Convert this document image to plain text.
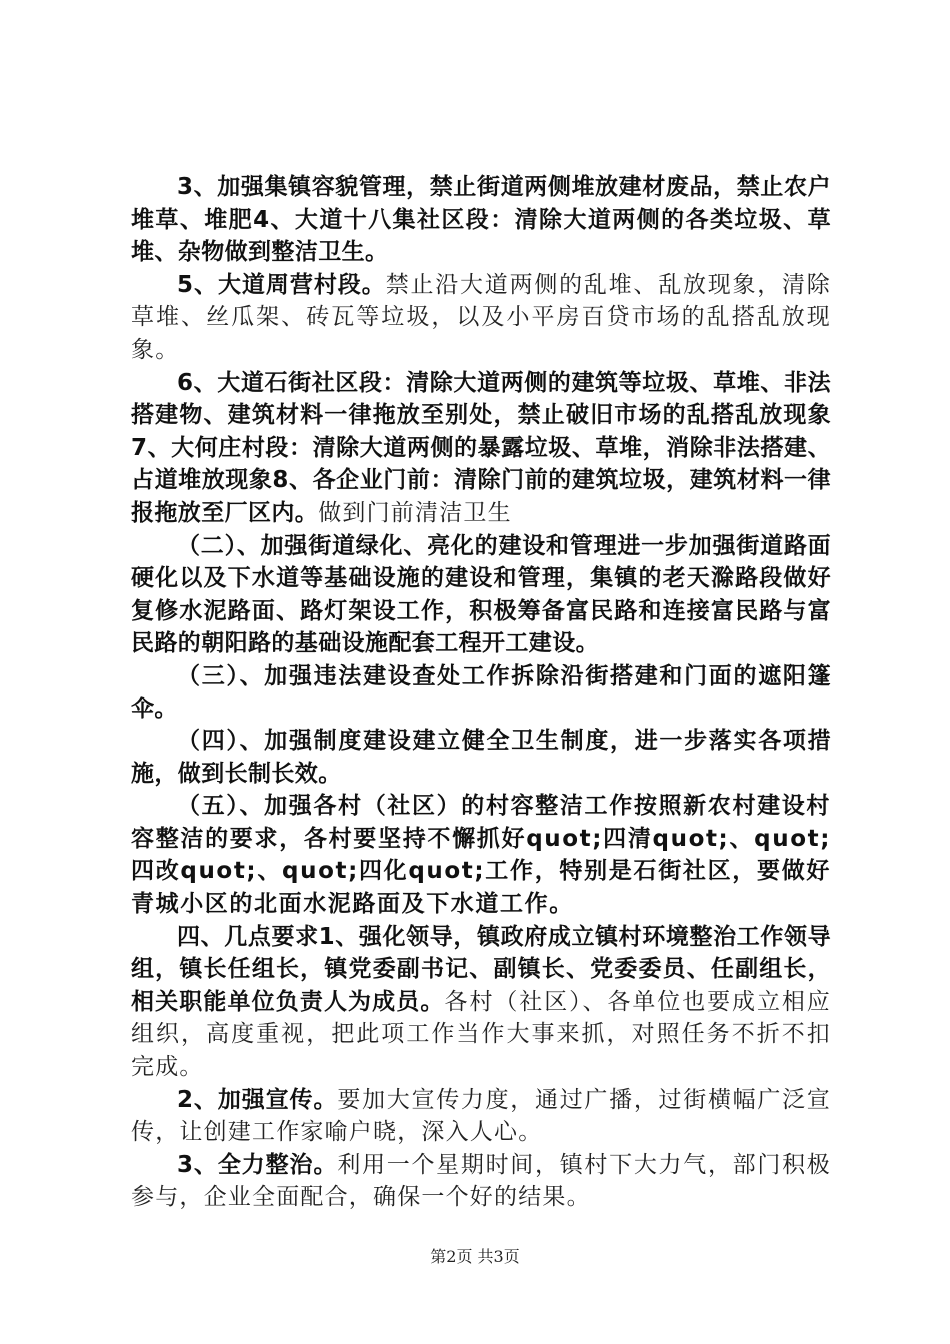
3、加强集镇容貌管理，禁止街道两侧堆放建材废品，禁止农户堆草、堆肥4、大道十八集社区段：清除大道两侧的各类垃圾、草堆、杂物做到整洁卫生。

5、大道周营村段。禁止沿大道两侧的乱堆、乱放现象，清除草堆、丝瓜架、砖瓦等垃圾，以及小平房百贷市场的乱搭乱放现象。

6、大道石街社区段：清除大道两侧的建筑等垃圾、草堆、非法搭建物、建筑材料一律拖放至别处，禁止破旧市场的乱搭乱放现象7、大何庄村段：清除大道两侧的暴露垃圾、草堆，消除非法搭建、占道堆放现象8、各企业门前：清除门前的建筑垃圾，建筑材料一律报拖放至厂区内。做到门前清洁卫生

（二）、加强街道绿化、亮化的建设和管理进一步加强街道路面硬化以及下水道等基础设施的建设和管理，集镇的老天滁路段做好复修水泥路面、路灯架设工作，积极筹备富民路和连接富民路与富民路的朝阳路的基础设施配套工程开工建设。

（三）、加强违法建设查处工作拆除沿街搭建和门面的遮阳篷伞。

（四）、加强制度建设建立健全卫生制度，进一步落实各项措施，做到长制长效。

（五）、加强各村（社区）的村容整洁工作按照新农村建设村容整洁的要求，各村要坚持不懈抓好quot;四清quot;、quot;四改quot;、quot;四化quot;工作，特别是石街社区，要做好青城小区的北面水泥路面及下水道工作。

四、几点要求1、强化领导，镇政府成立镇村环境整治工作领导组，镇长任组长，镇党委副书记、副镇长、党委委员、任副组长，相关职能单位负责人为成员。各村（社区）、各单位也要成立相应组织，高度重视，把此项工作当作大事来抓，对照任务不折不扣完成。

2、加强宣传。要加大宣传力度，通过广播，过街横幅广泛宣传，让创建工作家喻户晓，深入人心。

3、全力整治。利用一个星期时间，镇村下大力气，部门积极参与，企业全面配合，确保一个好的结果。

第2页 共3页
